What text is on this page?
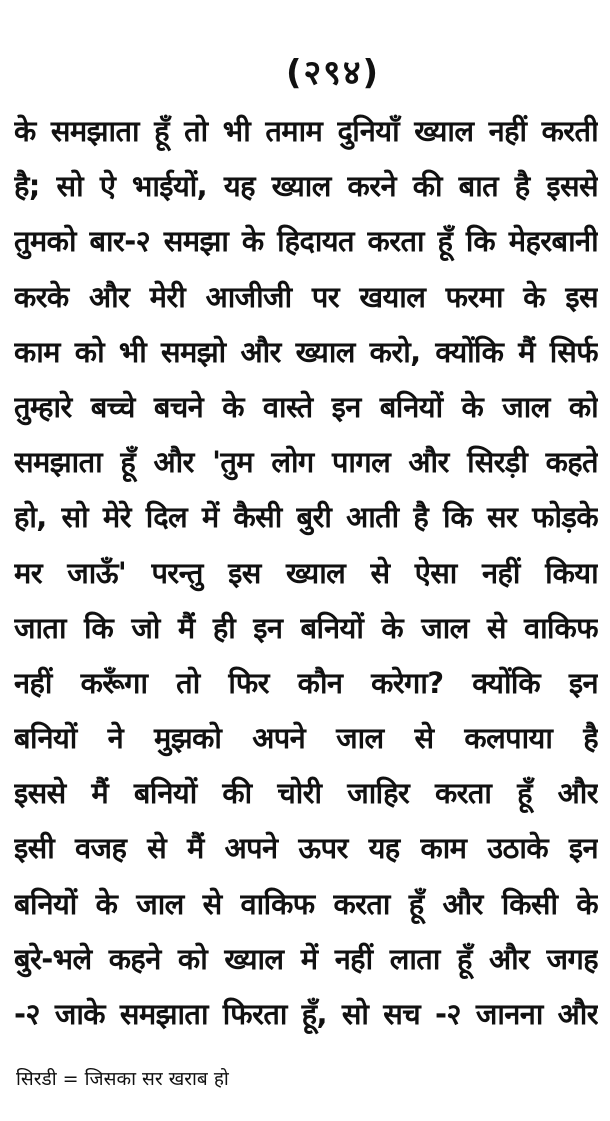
(२९४)
के समझाता हूँ तो भी तमाम दुनियाँ ख्याल नहीं करती
है; सो ऐ भाईयों, यह ख्याल करने की बात है इससे
तुमको बार-२ समझा के हिदायत करता हूँ कि मेहरबानी
करके और मेरी आजीजी पर खयाल फरमा के इस
काम को भी समझो और ख्याल करो, क्योंकि मैं सिर्फ
तुम्हारे बच्चे बचने के वास्ते इन बनियों के जाल को
समझाता हूँ और 'तुम लोग पागल और सिरड़ी कहते
हो, सो मेरे दिल में कैसी बुरी आती है कि सर फोड़के
मर जाऊँ' परन्तु इस ख्याल से ऐसा नहीं किया
जाता कि जो मैं ही इन बनियों के जाल से वाकिफ
नहीं करूँगा तो फिर कौन करेगा? क्योंकि इन
बनियों ने मुझको अपने जाल से कलपाया है
इससे मैं बनियों की चोरी जाहिर करता हूँ और
इसी वजह से मैं अपने ऊपर यह काम उठाके इन
बनियों के जाल से वाकिफ करता हूँ और किसी के
बुरे-भले कहने को ख्याल में नहीं लाता हूँ और जगह
-२ जाके समझाता फिरता हूँ, सो सच -२ जानना और
सिरडी = जिसका सर खराब हो
